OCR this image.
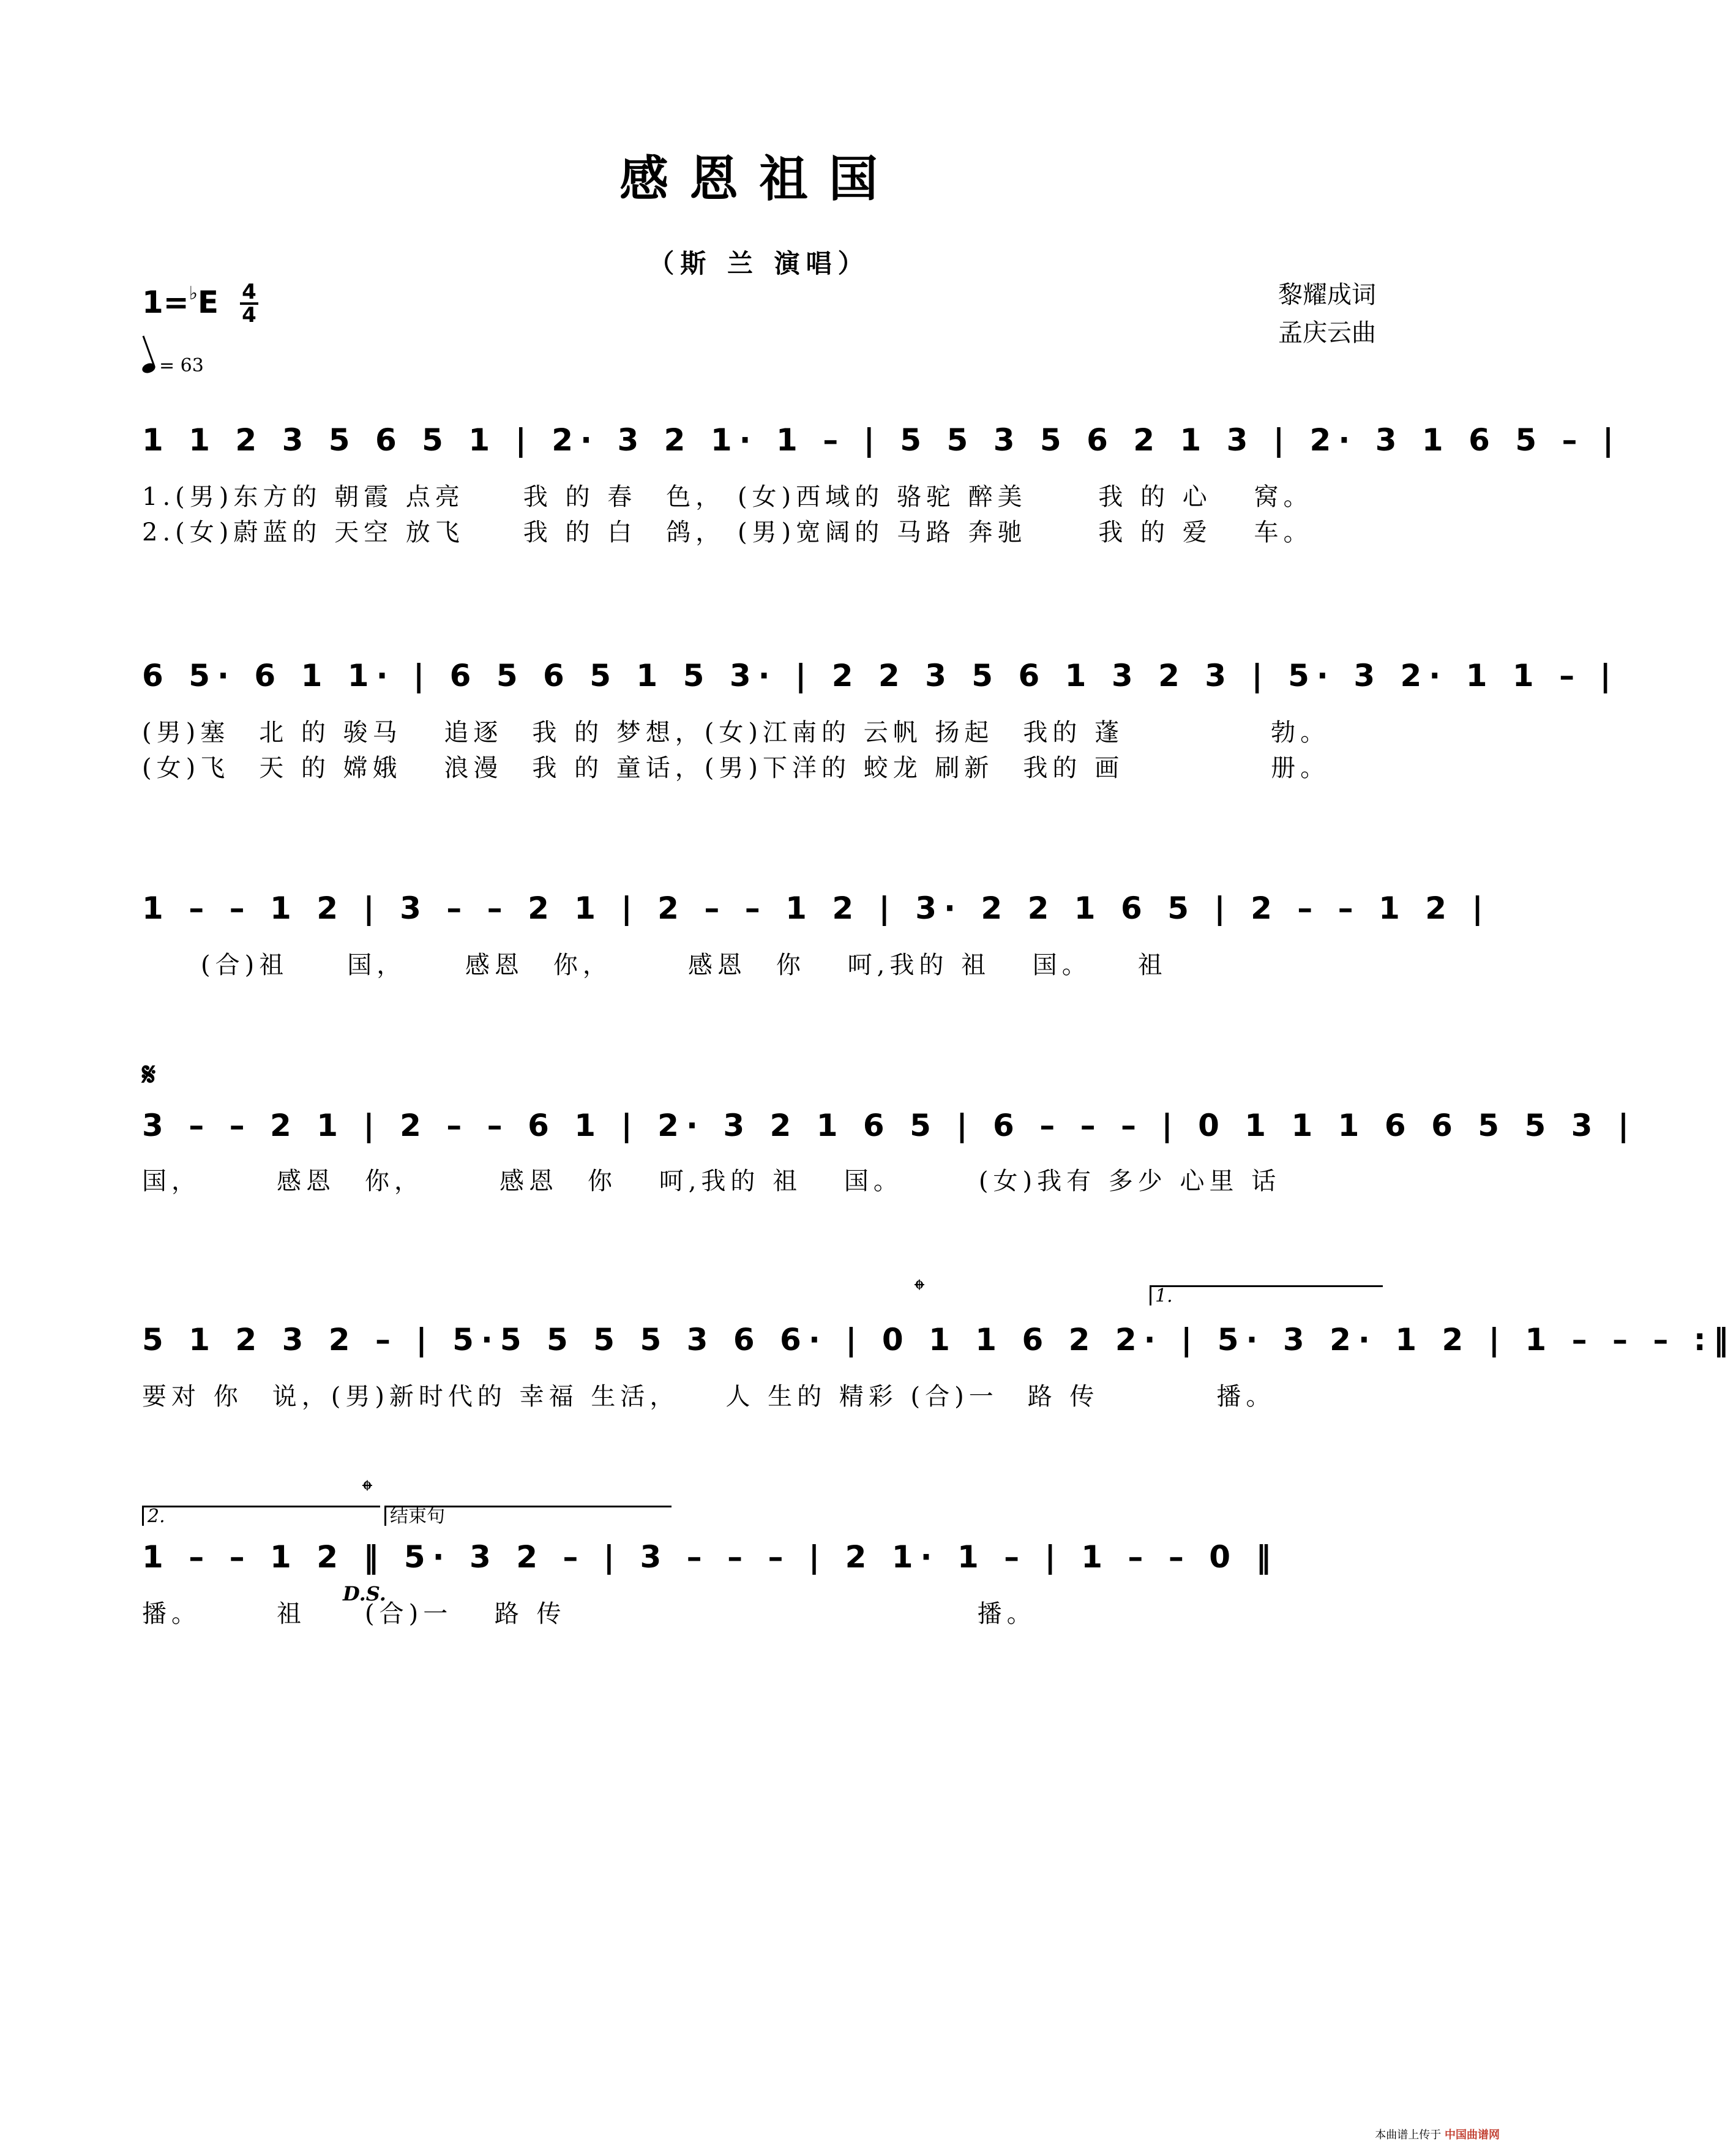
感恩祖国
（斯 兰 演唱）
1=♭E 4
4
黎耀成词
孟庆云曲
= 63
1 1 2 3 5 6 5 1 | 2· 3 2 1· 1 – | 5 5 3 5 6 2 1 3 | 2· 3 1 6 5 – |
1.(男)东方的 朝霞 点亮　　我 的 春　色， (女)西域的 骆驼 醉美　　 我 的 心　 窝。
2.(女)蔚蓝的 天空 放飞　　我 的 白　鸽， (男)宽阔的 马路 奔驰　　 我 的 爱　 车。
6 5· 6 1 1· | 6 5 6 5 1 5 3· | 2 2 3 5 6 1 3 2 3 | 5· 3 2· 1 1 – |
(男)塞　北 的 骏马　 追逐　我 的 梦想，(女)江南的 云帆 扬起　我的 蓬　　　　　勃。
(女)飞　天 的 嫦娥　 浪漫　我 的 童话，(男)下洋的 蛟龙 刷新　我的 画　　　　　册。
1 – – 1 2 | 3 – – 2 1 | 2 – – 1 2 | 3· 2 2 1 6 5 | 2 – – 1 2 |
　　(合)祖　　国，　　 感恩　你，　　　感恩　你　 呵,我的 祖　 国。　　祖
𝄋
3 – – 2 1 | 2 – – 6 1 | 2· 3 2 1 6 5 | 6 – – – | 0 1 1 1 6 6 5 5 3 |
国，　　　感恩　你，　　　感恩　你　 呵,我的 祖　 国。　　　(女)我有 多少 心里 话
𝄌	1.
5 1 2 3 2 – | 5·5 5 5 5 3 6 6· | 0 1 1 6 2 2· | 5· 3 2· 1 2 | 1 – – – :‖
要对 你　说，(男)新时代的 幸福 生活，　　人 生的 精彩 (合)一　路 传　　　　播。
𝄌
2.	结束句
1 – – 1 2 ‖ 5· 3 2 – | 3 – – – | 2 1· 1 – | 1 – – 0 ‖
D.S.
播。　　　祖　　(合)一　 路 传　　　　　　　　　　　　　　播。
本曲谱上传于 中国曲谱网
